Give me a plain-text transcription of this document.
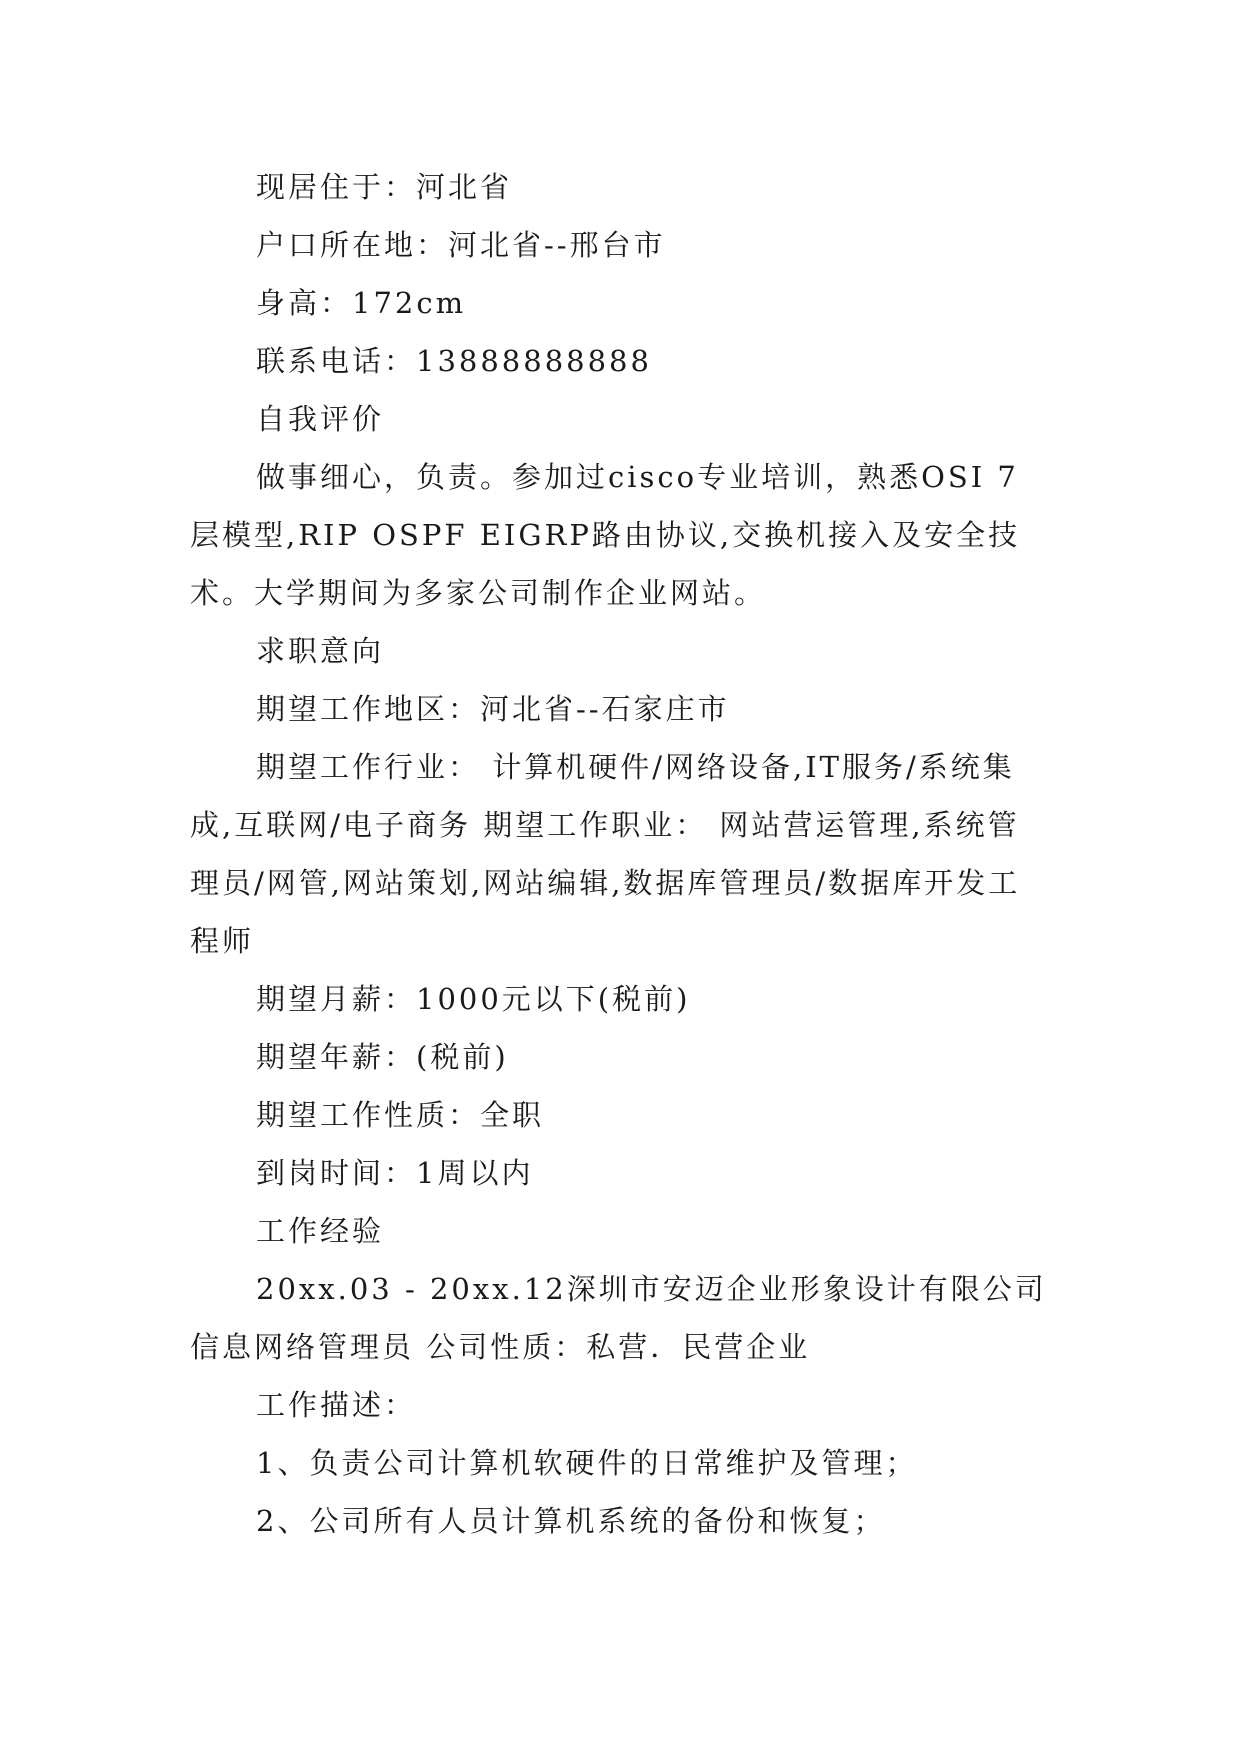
现居住于：河北省

户口所在地：河北省--邢台市

身高：172cm

联系电话：13888888888

自我评价

做事细心，负责。参加过cisco专业培训，熟悉OSI 7层模型,RIP OSPF EIGRP路由协议,交换机接入及安全技术。大学期间为多家公司制作企业网站。

求职意向

期望工作地区：河北省--石家庄市

期望工作行业： 计算机硬件/网络设备,IT服务/系统集成,互联网/电子商务 期望工作职业： 网站营运管理,系统管理员/网管,网站策划,网站编辑,数据库管理员/数据库开发工程师

期望月薪：1000元以下(税前)

期望年薪：(税前)

期望工作性质：全职

到岗时间：1周以内

工作经验

20xx.03 - 20xx.12深圳市安迈企业形象设计有限公司信息网络管理员 公司性质：私营．民营企业

工作描述：

1、负责公司计算机软硬件的日常维护及管理；

2、公司所有人员计算机系统的备份和恢复；
